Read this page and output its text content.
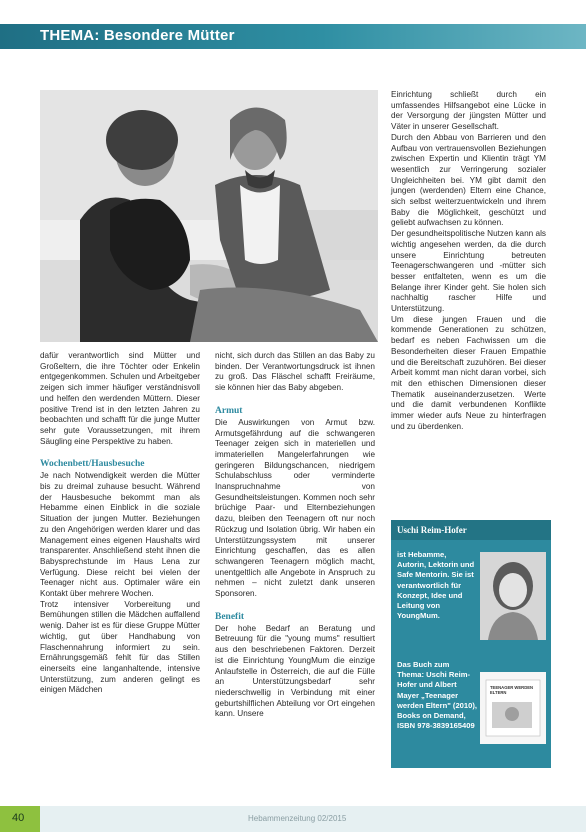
THEMA: Besondere Mütter

dafür verantwortlich sind Mütter und Großeltern, die ihre Töchter oder Enkelin entgegenkommen. Schulen und Arbeitgeber zeigen sich immer häufiger verständnisvoll und helfen den werdenden Müttern. Dieser positive Trend ist in den letzten Jahren zu beobachten und schafft für die junge Mutter sehr gute Voraussetzungen, mit ihrem Säugling eine Perspektive zu haben.

Wochenbett/Hausbesuche

Je nach Notwendigkeit werden die Mütter bis zu dreimal zuhause besucht. Während der Hausbesuche bekommt man als Hebamme einen Einblick in die soziale Situation der jungen Mutter. Beziehungen zu den Angehörigen werden klarer und das Management eines eigenen Haushalts wird transparenter. Anschließend steht ihnen die Babysprechstunde im Haus Lena zur Verfügung. Diese reicht bei vielen der Teenager nicht aus. Optimaler wäre ein Kontakt über mehrere Wochen.

Trotz intensiver Vorbereitung und Bemühungen stillen die Mädchen auffallend wenig. Daher ist es für diese Gruppe Mütter wichtig, gut über Handhabung von Flaschennahrung informiert zu sein. Ernährungsgemäß fehlt für das Stillen einerseits eine langanhaltende, intensive Unterstützung, zum anderen gelingt es einigen Mädchen

nicht, sich durch das Stillen an das Baby zu binden. Der Verantwortungsdruck ist ihnen zu groß. Das Fläschel schafft Freiräume, sie können hier das Baby abgeben.

Armut

Die Auswirkungen von Armut bzw. Armutsgefährdung auf die schwangeren Teenager zeigen sich in materiellen und immateriellen Mangelerfahrungen wie geringeren Bildungschancen, niedrigem Schulabschluss oder verminderte Inanspruchnahme von Gesundheitsleistungen. Kommen noch sehr brüchige Paar- und Elternbeziehungen dazu, bleiben den Teenagern oft nur noch Rückzug und Isolation übrig. Wir haben ein Unterstützungssystem mit unserer Einrichtung geschaffen, das es allen schwangeren Teenagern möglich macht, unentgeltlich alle Angebote in Anspruch zu nehmen – nicht zuletzt dank unseren Sponsoren.

Benefit

Der hohe Bedarf an Beratung und Betreuung für die "young mums" resultiert aus den beschriebenen Faktoren. Derzeit ist die Einrichtung YoungMum die einzige Anlaufstelle in Österreich, die auf die Fülle an Unterstützungsbedarf sehr niederschwellig in Verbindung mit einer geburtshilflichen Abteilung vor Ort eingehen kann. Unsere

Einrichtung schließt durch ein umfassendes Hilfsangebot eine Lücke in der Versorgung der jüngsten Mütter und Väter in unserer Gesellschaft.

Durch den Abbau von Barrieren und den Aufbau von vertrauensvollen Beziehungen zwischen Expertin und Klientin trägt YM wesentlich zur Verringerung sozialer Ungleichheiten bei. YM gibt damit den jungen (werdenden) Eltern eine Chance, sich selbst weiterzuentwickeln und ihrem Baby die Möglichkeit, geschützt und geliebt aufwachsen zu können.

Der gesundheitspolitische Nutzen kann als wichtig angesehen werden, da die durch unsere Einrichtung betreuten Teenagerschwangeren und -mütter sich besser entfalteten, wenn es um die Belange ihrer Kinder geht. Sie holen sich nachhaltig rascher Hilfe und Unterstützung.

Um diese jungen Frauen und die kommende Generationen zu schützen, bedarf es neben Fachwissen um die Besonderheiten dieser Frauen Empathie und die Bereitschaft zuzuhören. Bei dieser Arbeit kommt man nicht daran vorbei, sich mit den ethischen Dimensionen dieser Thematik auseinanderzusetzen. Werte und die damit verbundenen Konflikte immer wieder aufs Neue zu hinterfragen und zu überdenken.

Uschi Reim-Hofer
ist Hebamme, Autorin, Lektorin und Safe Mentorin. Sie ist verantwortlich für Konzept, Idee und Leitung von YoungMum.
Das Buch zum Thema: Uschi Reim-Hofer und Albert Mayer „Teenager werden Eltern" (2010), Books on Demand, ISBN 978-3839165409
TEENAGER WERDEN ELTERN
40	Hebammenzeitung 02/2015
